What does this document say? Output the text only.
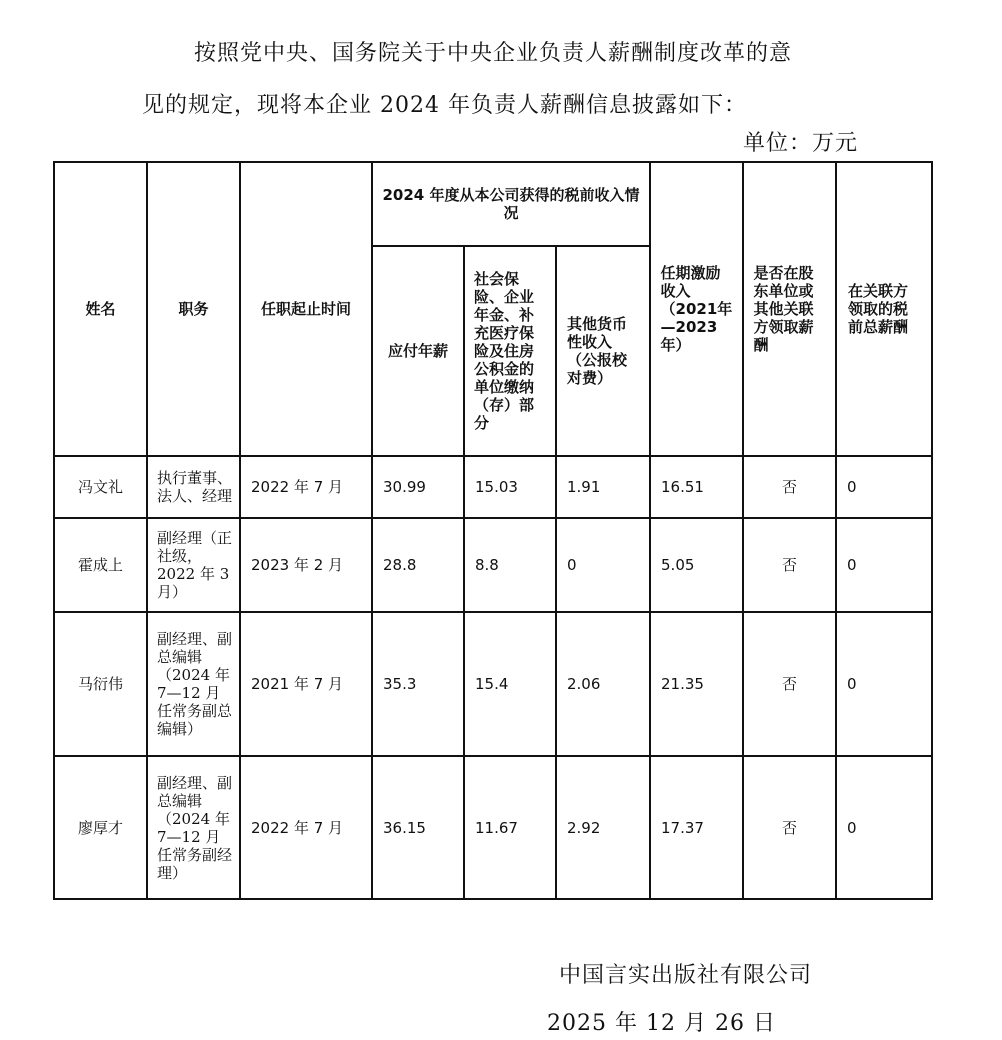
按照党中央、国务院关于中央企业负责人薪酬制度改革的意

见的规定，现将本企业 2024 年负责人薪酬信息披露如下：

单位：万元
姓名	职务	任职起止时间	2024 年度从本公司获得的税前收入情况			任期激励收入（2021年—2023 年）	是否在股东单位或其他关联方领取薪酬	在关联方领取的税前总薪酬
			应付年薪	社会保险、企业年金、补充医疗保险及住房公积金的单位缴纳（存）部分	其他货币性收入（公报校对费）			
冯文礼	执行董事、法人、经理	2022 年 7 月	30.99	15.03	1.91	16.51	否	0
霍成上	副经理（正社级，2022 年 3 月）	2023 年 2 月	28.8	8.8	0	5.05	否	0
马衍伟	副经理、副总编辑（2024 年 7—12 月任常务副总编辑）	2021 年 7 月	35.3	15.4	2.06	21.35	否	0
廖厚才	副经理、副总编辑（2024 年 7—12 月任常务副经理）	2022 年 7 月	36.15	11.67	2.92	17.37	否	0
中国言实出版社有限公司
2025 年 12 月 26 日
